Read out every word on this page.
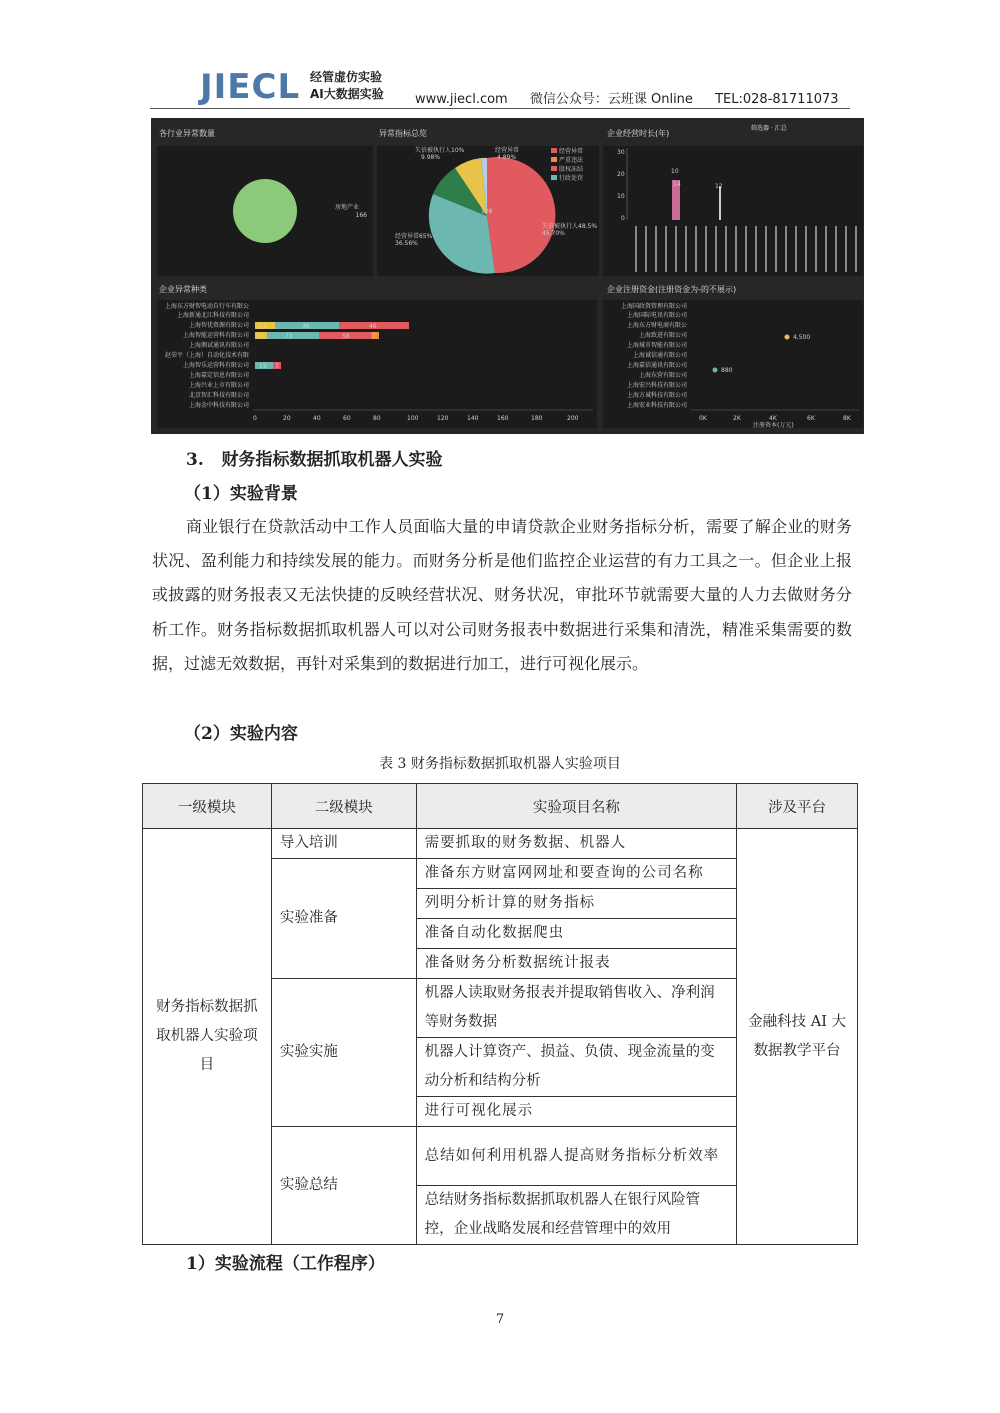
JIECL 经管虚仿实验
AI大数据实验 www.jiecl.com 微信公众号：云班课 Online TEL:028-81711073
各行业异常数量
房地产业
166
异常指标总览
失信被执行人10%
9.98%
经营异常
4.89%
126
失信被执行人48.5%
45.70%
经营异常65%
36.56%
经营异常
严重违法
股权冻结
行政处罚
企业经营时长(年)
筛选器 · 汇总
30
20
10
0
10
14	12
企业异常种类
上海东方财智电动自行车有限公
上海新通北江科技有限公司
上海智优资源有限公司
上海智能运营科有限公司
上海测试通讯有限公司
赵荣平（上海）自动化技术有限
上海智乐运营科有限公司
上海嘉定信息有限公司
上海兴业上市有限公司
北京智汇科技有限公司
上海金中科技有限公司
13	36	46
13	73	58	7
19 7
0	20	40	60	80	100	120	140	160	180	200
企业注册资金(注册资金为-的不展示)
上海国政资管理有限公司
上海国际电讯有限公司
上海东方财电商有限公
上海致进有限公司
上海城市智能有限公司
上海诚信通有限公司
上海嘉信通讯有限公司
上海东营有限公司
上海宏兴科技有限公司
上海方诚科技有限公司
上海宏业科技有限公司
4,500
880
0K	2K	4K	6K	8K
注册资本(万元)
3.   财务指标数据抓取机器人实验
（1）实验背景
商业银行在贷款活动中工作人员面临大量的申请贷款企业财务指标分析，需要了解企业的财务状况、盈利能力和持续发展的能力。而财务分析是他们监控企业运营的有力工具之一。但企业上报或披露的财务报表又无法快捷的反映经营状况、财务状况，审批环节就需要大量的人力去做财务分析工作。财务指标数据抓取机器人可以对公司财务报表中数据进行采集和清洗，精准采集需要的数据，过滤无效数据，再针对采集到的数据进行加工，进行可视化展示。
（2）实验内容
表 3 财务指标数据抓取机器人实验项目
一级模块	二级模块	实验项目名称	涉及平台
财务指标数据抓取机器人实验项目	导入培训	需要抓取的财务数据、机器人	金融科技 AI 大数据教学平台
	实验准备	准备东方财富网网址和要查询的公司名称	
		列明分析计算的财务指标	
		准备自动化数据爬虫	
		准备财务分析数据统计报表	
	实验实施	机器人读取财务报表并提取销售收入、净利润等财务数据	
		机器人计算资产、损益、负债、现金流量的变动分析和结构分析	
		进行可视化展示	
	实验总结	总结如何利用机器人提高财务指标分析效率	

		总结财务指标数据抓取机器人在银行风险管控，企业战略发展和经营管理中的效用	

1）实验流程（工作程序）
7
